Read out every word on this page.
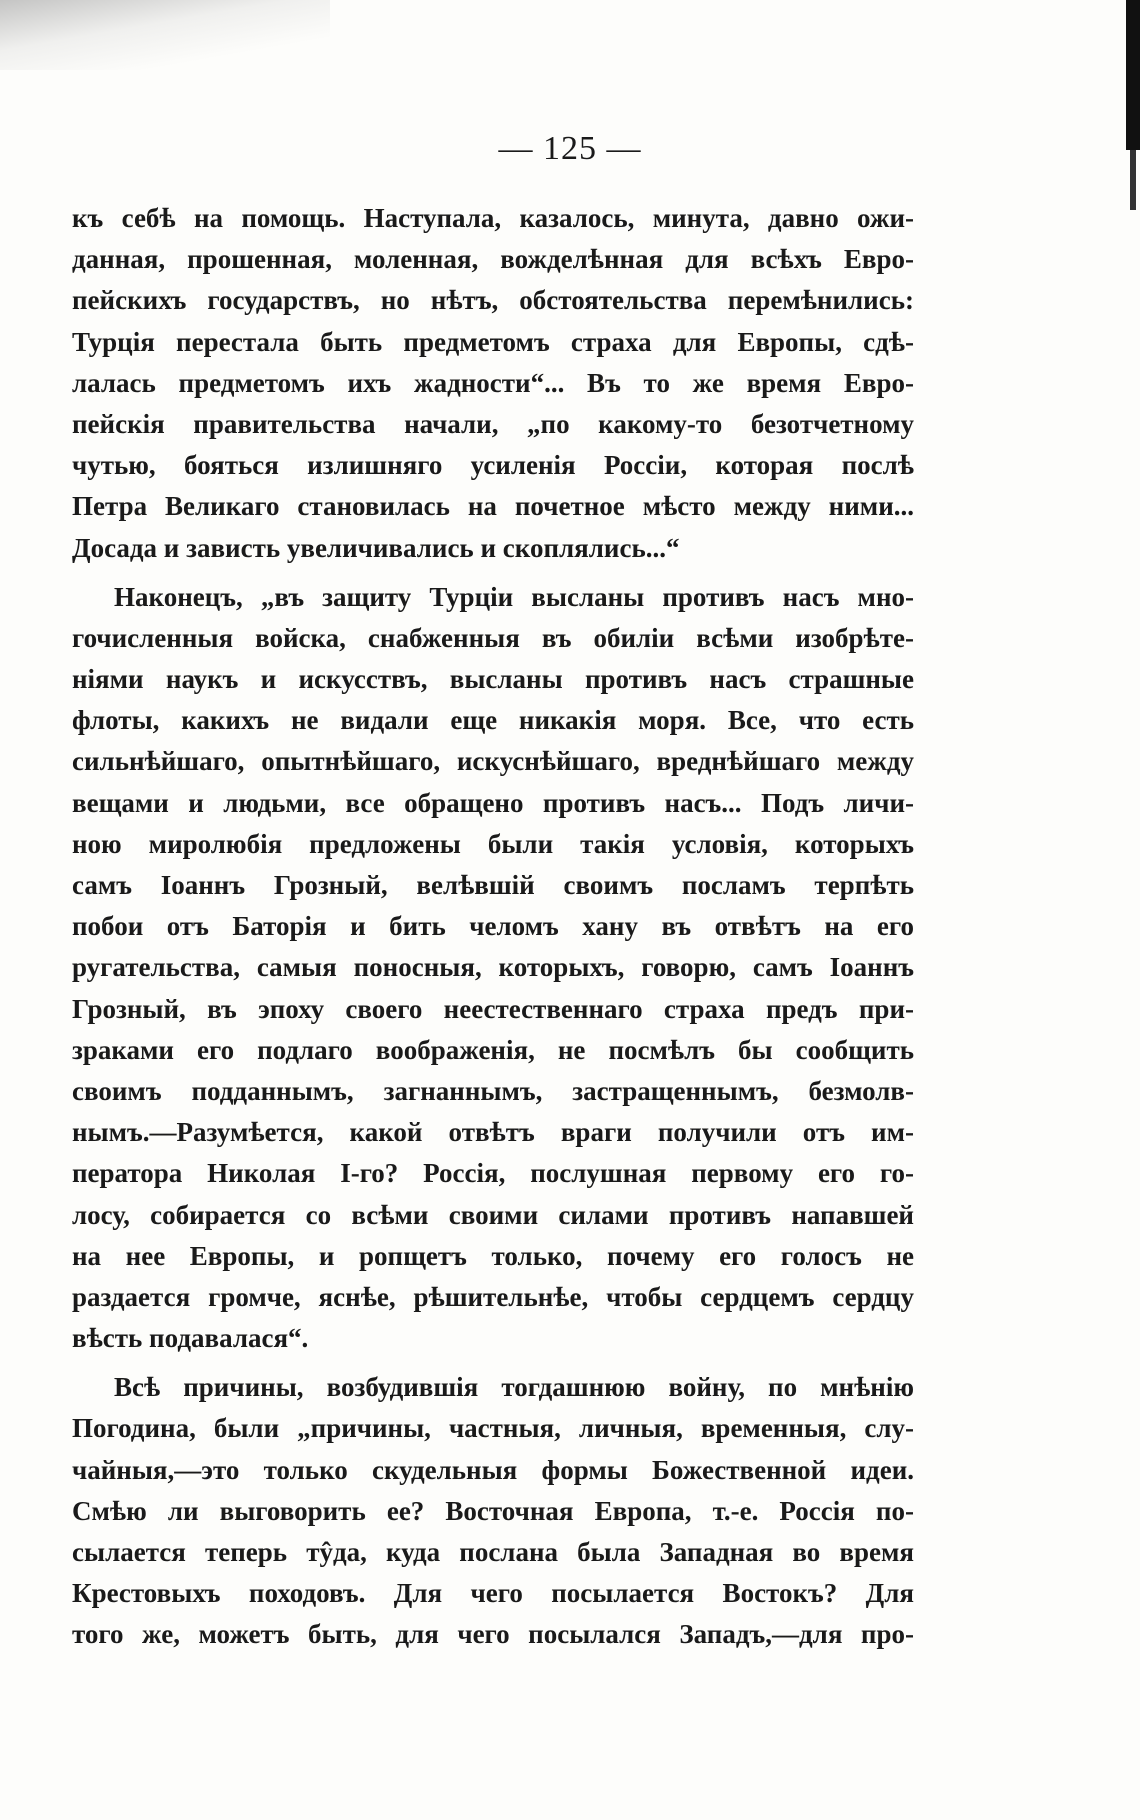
— 125 —
къ себѣ на помощь. Наступала, казалось, минута, давно ожи-
данная, прошенная, моленная, вожделѣнная для всѣхъ Евро-
пейскихъ государствъ, но нѣтъ, обстоятельства перемѣнились:
Турція перестала быть предметомъ страха для Европы, сдѣ-
лалась предметомъ ихъ жадности“... Въ то же время Евро-
пейскія правительства начали, „по какому-то безотчетному
чутью, бояться излишняго усиленія Россіи, которая послѣ
Петра Великаго становилась на почетное мѣсто между ними...
Досада и зависть увеличивались и скоплялись...“
Наконецъ, „въ защиту Турціи высланы противъ насъ мно-
гочисленныя войска, снабженныя въ обиліи всѣми изобрѣте-
ніями наукъ и искусствъ, высланы противъ насъ страшные
флоты, какихъ не видали еще никакія моря. Все, что есть
сильнѣйшаго, опытнѣйшаго, искуснѣйшаго, вреднѣйшаго между
вещами и людьми, все обращено противъ насъ... Подъ личи-
ною миролюбія предложены были такія условія, которыхъ
самъ Іоаннъ Грозный, велѣвшій своимъ посламъ терпѣть
побои отъ Баторія и бить челомъ хану въ отвѣтъ на его
ругательства, самыя поносныя, которыхъ, говорю, самъ Іоаннъ
Грозный, въ эпоху своего неестественнаго страха предъ при-
зраками его подлаго воображенія, не посмѣлъ бы сообщить
своимъ подданнымъ, загнаннымъ, застращеннымъ, безмолв-
нымъ.—Разумѣется, какой отвѣтъ враги получили отъ им-
ператора Николая I-го? Россія, послушная первому его го-
лосу, собирается со всѣми своими силами противъ напавшей
на нее Европы, и ропщетъ только, почему его голосъ не
раздается громче, яснѣе, рѣшительнѣе, чтобы сердцемъ сердцу
вѣсть подавалася“.
Всѣ причины, возбудившія тогдашнюю войну, по мнѣнію
Погодина, были „причины, частныя, личныя, временныя, слу-
чайныя,—это только скудельныя формы Божественной идеи.
Смѣю ли выговорить ее? Восточная Европа, т.-е. Россія по-
сылается теперь тŷда, куда послана была Западная во время
Крестовыхъ походовъ. Для чего посылается Востокъ? Для
того же, можетъ быть, для чего посылался Западъ,—для про-
